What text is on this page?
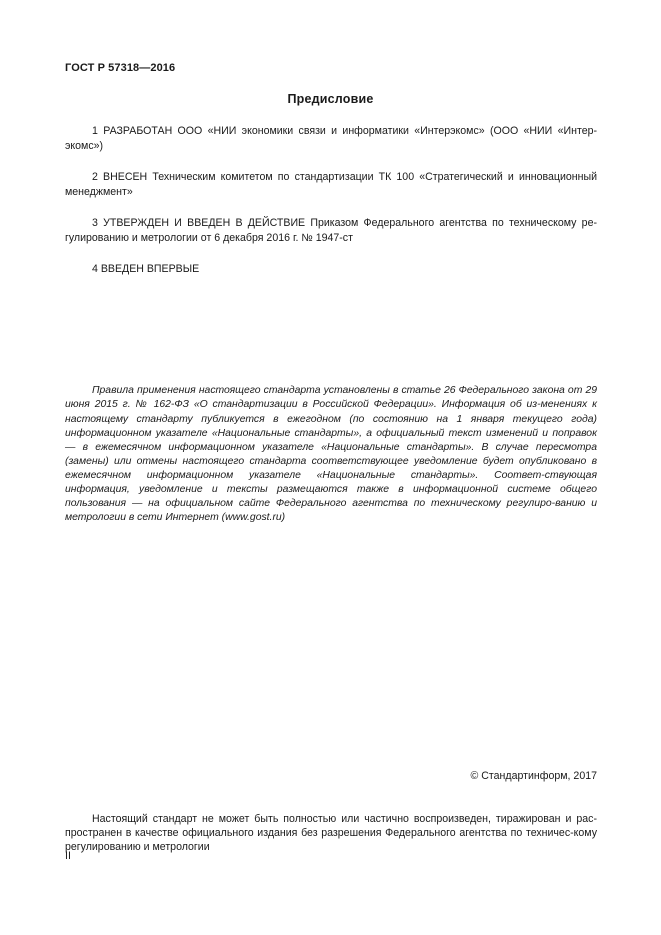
ГОСТ Р 57318—2016
Предисловие

1 РАЗРАБОТАН ООО «НИИ экономики связи и информатики «Интерэкомс» (ООО «НИИ «Интер-экомс»)

2 ВНЕСЕН Техническим комитетом по стандартизации ТК 100 «Стратегический и инновационный менеджмент»

3 УТВЕРЖДЕН И ВВЕДЕН В ДЕЙСТВИЕ Приказом Федерального агентства по техническому ре-гулированию и метрологии от 6 декабря 2016 г. № 1947-ст

4 ВВЕДЕН ВПЕРВЫЕ

Правила применения настоящего стандарта установлены в статье 26 Федерального закона от 29 июня 2015 г. № 162-ФЗ «О стандартизации в Российской Федерации». Информация об из-менениях к настоящему стандарту публикуется в ежегодном (по состоянию на 1 января текущего года) информационном указателе «Национальные стандарты», а официальный текст изменений и поправок — в ежемесячном информационном указателе «Национальные стандарты». В случае пересмотра (замены) или отмены настоящего стандарта соответствующее уведомление будет опубликовано в ежемесячном информационном указателе «Национальные стандарты». Соответ-ствующая информация, уведомление и тексты размещаются также в информационной системе общего пользования — на официальном сайте Федерального агентства по техническому регулиро-ванию и метрологии в сети Интернет (www.gost.ru)

© Стандартинформ, 2017

Настоящий стандарт не может быть полностью или частично воспроизведен, тиражирован и рас-пространен в качестве официального издания без разрешения Федерального агентства по техничес-кому регулированию и метрологии

II
